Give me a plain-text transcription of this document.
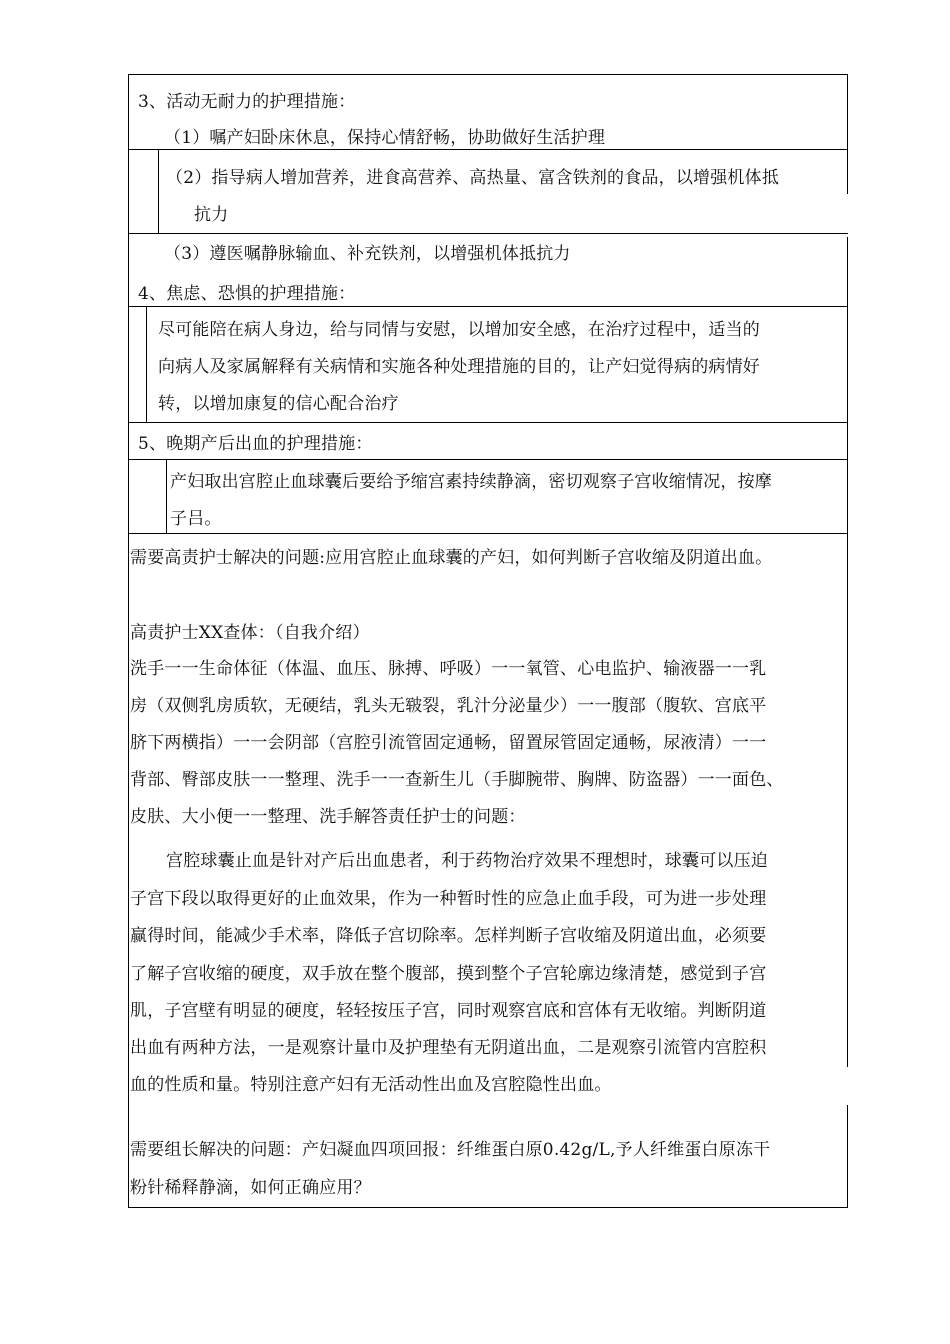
3、活动无耐力的护理措施：
（1）嘱产妇卧床休息，保持心情舒畅，协助做好生活护理
（2）指导病人增加营养，进食高营养、高热量、富含铁剂的食品，以增强机体抵
抗力
（3）遵医嘱静脉输血、补充铁剂，以增强机体抵抗力
4、焦虑、恐惧的护理措施：
尽可能陪在病人身边，给与同情与安慰，以增加安全感，在治疗过程中，适当的
向病人及家属解释有关病情和实施各种处理措施的目的，让产妇觉得病的病情好
转，以增加康复的信心配合治疗
5、晚期产后出血的护理措施：
产妇取出宫腔止血球囊后要给予缩宫素持续静滴，密切观察子宫收缩情况，按摩
子吕。
需要高责护士解决的问题:应用宫腔止血球囊的产妇，如何判断子宫收缩及阴道出血。
高责护士XX查体：（自我介绍）
洗手一一生命体征（体温、血压、脉搏、呼吸）一一氧管、心电监护、输液器一一乳
房（双侧乳房质软，无硬结，乳头无皲裂，乳汁分泌量少）一一腹部（腹软、宫底平
脐下两横指）一一会阴部（宫腔引流管固定通畅，留置尿管固定通畅，尿液清）一一
背部、臀部皮肤一一整理、洗手一一查新生儿（手脚腕带、胸牌、防盗器）一一面色、
皮肤、大小便一一整理、洗手解答责任护士的问题：
宫腔球囊止血是针对产后出血患者，利于药物治疗效果不理想时，球囊可以压迫
子宫下段以取得更好的止血效果，作为一种暂时性的应急止血手段，可为进一步处理
赢得时间，能减少手术率，降低子宫切除率。怎样判断子宫收缩及阴道出血，必须要
了解子宫收缩的硬度，双手放在整个腹部，摸到整个子宫轮廓边缘清楚，感觉到子宫
肌，子宫壁有明显的硬度，轻轻按压子宫，同时观察宫底和宫体有无收缩。判断阴道
出血有两种方法，一是观察计量巾及护理垫有无阴道出血，二是观察引流管内宫腔积
血的性质和量。特别注意产妇有无活动性出血及宫腔隐性出血。
需要组长解决的问题：产妇凝血四项回报：纤维蛋白原0.42g/L,予人纤维蛋白原冻干
粉针稀释静滴，如何正确应用？
